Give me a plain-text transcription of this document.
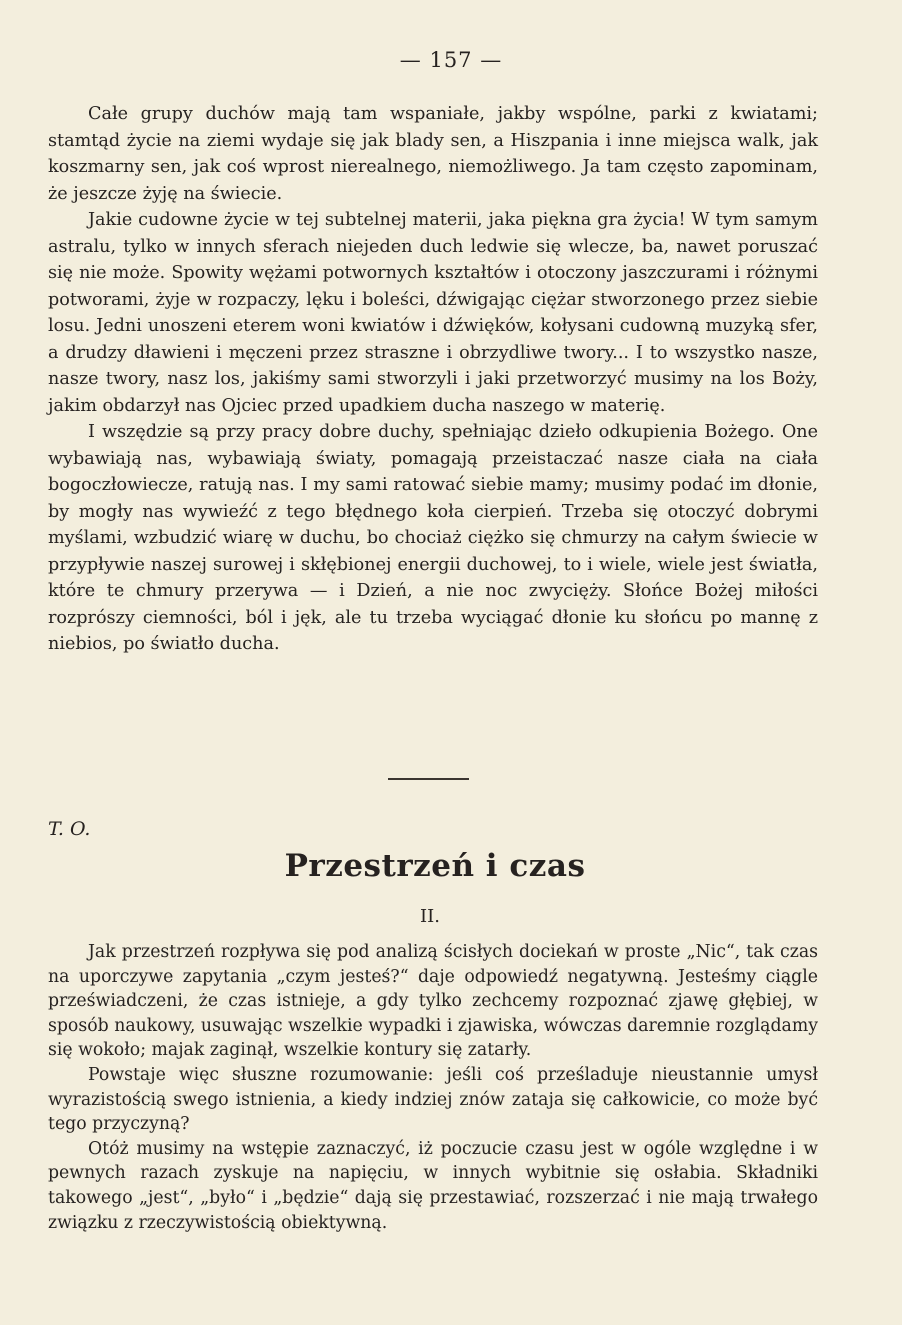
— 157 —

Całe grupy duchów mają tam wspaniałe, jakby wspólne, parki z kwiatami; stamtąd życie na ziemi wydaje się jak blady sen, a Hiszpania i inne miejsca walk, jak koszmarny sen, jak coś wprost nierealnego, niemożliwego. Ja tam często zapominam, że jeszcze żyję na świecie.

Jakie cudowne życie w tej subtelnej materii, jaka piękna gra życia! W tym samym astralu, tylko w innych sferach niejeden duch ledwie się wlecze, ba, nawet poruszać się nie może. Spowity wężami potwornych kształtów i otoczony jaszczurami i różnymi potworami, żyje w rozpaczy, lęku i boleści, dźwigając ciężar stworzonego przez siebie losu. Jedni unoszeni eterem woni kwiatów i dźwięków, kołysani cudowną muzyką sfer, a drudzy dławieni i męczeni przez straszne i obrzydliwe twory... I to wszystko nasze, nasze twory, nasz los, jakiśmy sami stworzyli i jaki przetworzyć musimy na los Boży, jakim obdarzył nas Ojciec przed upadkiem ducha naszego w materię.

I wszędzie są przy pracy dobre duchy, spełniając dzieło odkupienia Bożego. One wybawiają nas, wybawiają światy, pomagają przeistaczać nasze ciała na ciała bogoczłowiecze, ratują nas. I my sami ratować siebie mamy; musimy podać im dłonie, by mogły nas wywieźć z tego błędnego koła cierpień. Trzeba się otoczyć dobrymi myślami, wzbudzić wiarę w duchu, bo chociaż ciężko się chmurzy na całym świecie w przypływie naszej surowej i skłębionej energii duchowej, to i wiele, wiele jest światła, które te chmury przerywa — i Dzień, a nie noc zwycięży. Słońce Bożej miłości rozprószy ciemności, ból i jęk, ale tu trzeba wyciągać dłonie ku słońcu po mannę z niebios, po światło ducha.

T. O.
Przestrzeń i czas
II.

Jak przestrzeń rozpływa się pod analizą ścisłych dociekań w proste „Nic“, tak czas na uporczywe zapytania „czym jesteś?“ daje odpowiedź negatywną. Jesteśmy ciągle przeświadczeni, że czas istnieje, a gdy tylko zechcemy rozpoznać zjawę głębiej, w sposób naukowy, usuwając wszelkie wypadki i zjawiska, wówczas daremnie rozglądamy się wokoło; majak zaginął, wszelkie kontury się zatarły.

Powstaje więc słuszne rozumowanie: jeśli coś prześladuje nieustannie umysł wyrazistością swego istnienia, a kiedy indziej znów zataja się całkowicie, co może być tego przyczyną?

Otóż musimy na wstępie zaznaczyć, iż poczucie czasu jest w ogóle względne i w pewnych razach zyskuje na napięciu, w innych wybitnie się osłabia. Składniki takowego „jest“, „było“ i „będzie“ dają się przestawiać, rozszerzać i nie mają trwałego związku z rzeczywistością obiektywną.
